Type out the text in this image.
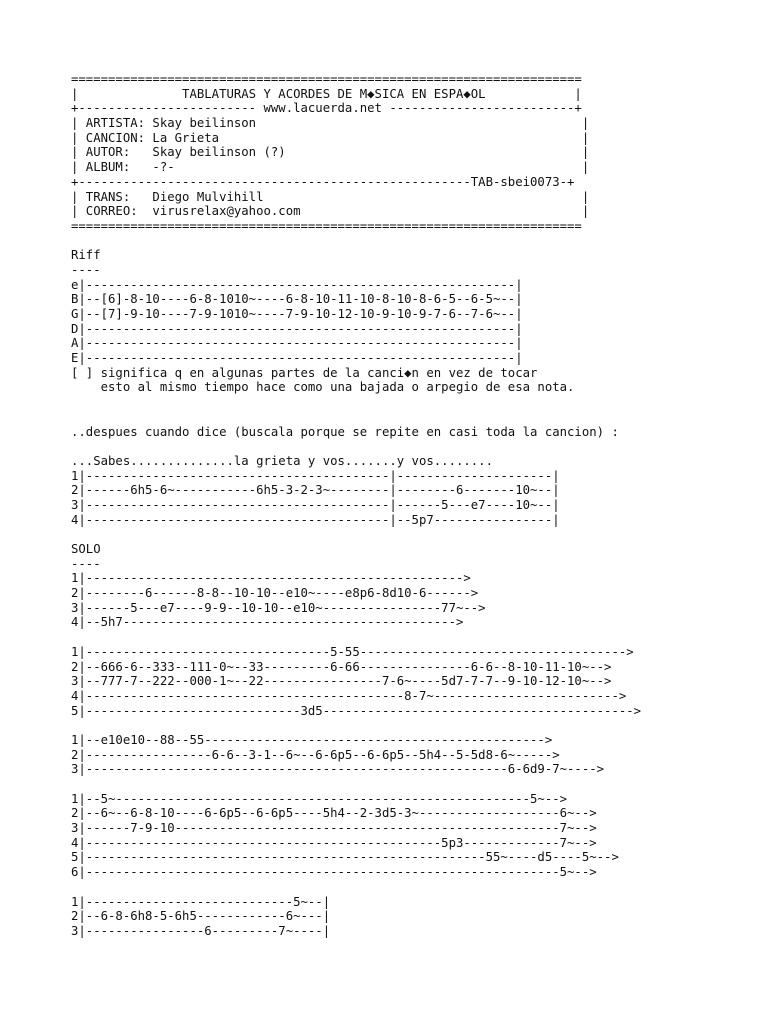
=====================================================================
|              TABLATURAS Y ACORDES DE M◆SICA EN ESPA◆OL            |
+------------------------ www.lacuerda.net -------------------------+
| ARTISTA: Skay beilinson                                            |
| CANCION: La Grieta                                                 |
| AUTOR:   Skay beilinson (?)                                        |
| ALBUM:   -?-                                                       |
+-----------------------------------------------------TAB-sbei0073-+
| TRANS:   Diego Mulvihill                                           |
| CORREO:  virusrelax@yahoo.com                                      |
=====================================================================
Riff
----
e|----------------------------------------------------------|
B|--[6]-8-10----6-8-1010~----6-8-10-11-10-8-10-8-6-5--6-5~--|
G|--[7]-9-10----7-9-1010~----7-9-10-12-10-9-10-9-7-6--7-6~--|
D|----------------------------------------------------------|
A|----------------------------------------------------------|
E|----------------------------------------------------------|
[ ] significa q en algunas partes de la canci◆n en vez de tocar
esto al mismo tiempo hace como una bajada o arpegio de esa nota.
..despues cuando dice (buscala porque se repite en casi toda la cancion) :
...Sabes..............la grieta y vos.......y vos........
1|-----------------------------------------|---------------------|
2|------6h5-6~-----------6h5-3-2-3~--------|--------6-------10~--|
3|-----------------------------------------|------5---e7----10~--|
4|-----------------------------------------|--5p7----------------|
SOLO
----
1|--------------------------------------------------->
2|--------6------8-8--10-10--e10~----e8p6-8d10-6------>
3|------5---e7----9-9--10-10--e10~----------------77~-->
4|--5h7--------------------------------------------->
1|---------------------------------5-55------------------------------------>
2|--666-6--333--111-0~--33---------6-66---------------6-6--8-10-11-10~-->
3|--777-7--222--000-1~--22----------------7-6~----5d7-7-7--9-10-12-10~-->
4|-------------------------------------------8-7~------------------------->
5|-----------------------------3d5------------------------------------------>
1|--e10e10--88--55---------------------------------------------->
2|-----------------6-6--3-1--6~--6-6p5--6-6p5--5h4--5-5d8-6~----->
3|---------------------------------------------------------6-6d9-7~---->
1|--5~--------------------------------------------------------5~-->
2|--6~--6-8-10----6-6p5--6-6p5----5h4--2-3d5-3~-------------------6~-->
3|------7-9-10----------------------------------------------------7~-->
4|------------------------------------------------5p3-------------7~-->
5|------------------------------------------------------55~----d5----5~-->
6|----------------------------------------------------------------5~-->
1|----------------------------5~--|
2|--6-8-6h8-5-6h5------------6~---|
3|----------------6---------7~----|
